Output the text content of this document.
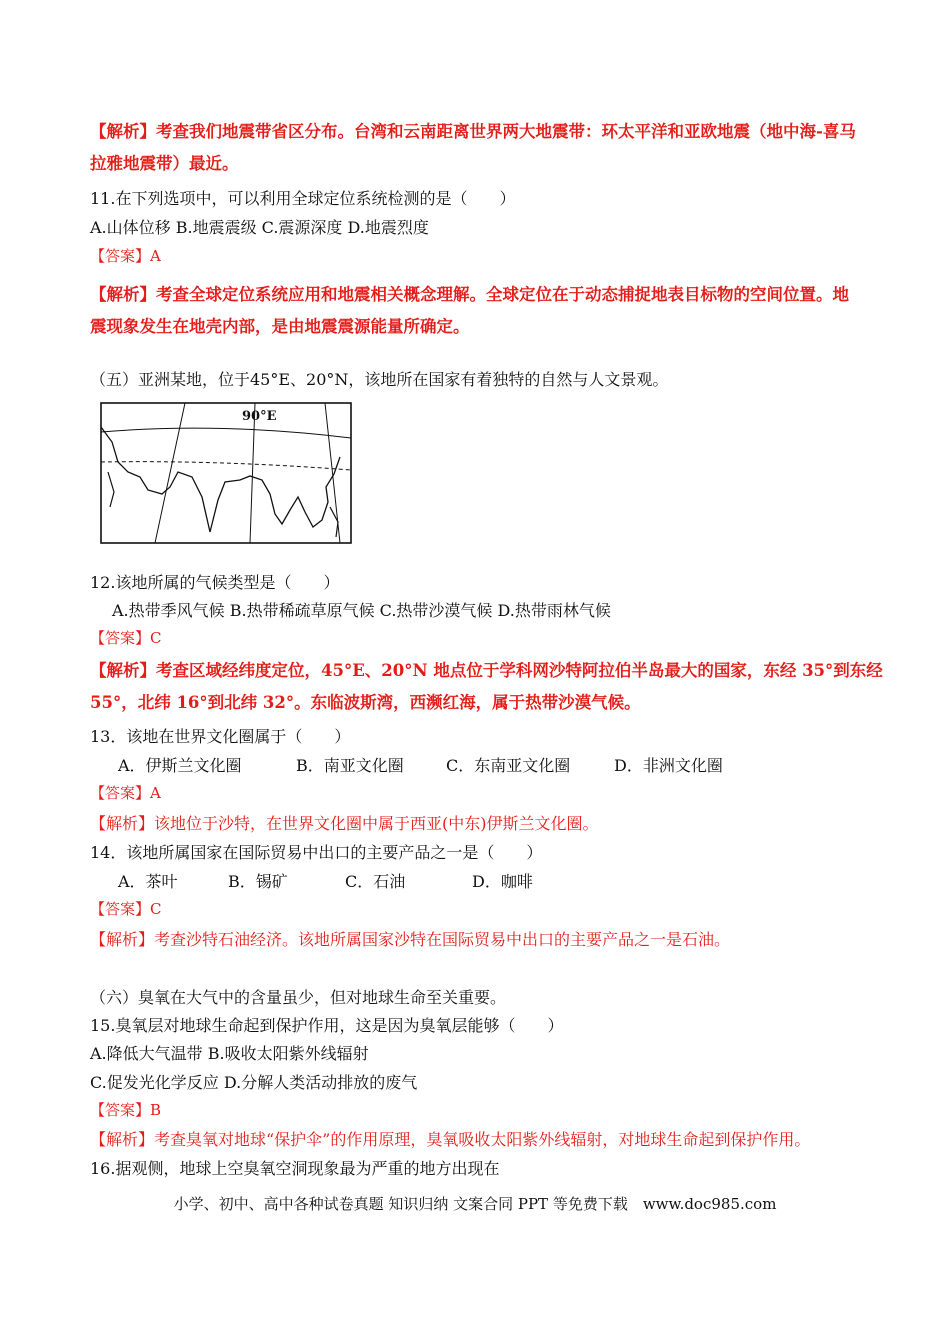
【解析】考查我们地震带省区分布。台湾和云南距离世界两大地震带：环太平洋和亚欧地震（地中海-喜马
拉雅地震带）最近。
11.在下列选项中，可以利用全球定位系统检测的是（　　）
A.山体位移 B.地震震级 C.震源深度 D.地震烈度
【答案】A
【解析】考查全球定位系统应用和地震相关概念理解。全球定位在于动态捕捉地表目标物的空间位置。地
震现象发生在地壳内部，是由地震震源能量所确定。
（五）亚洲某地，位于45°E、20°N，该地所在国家有着独特的自然与人文景观。
90°E
12.该地所属的气候类型是（　　）
A.热带季风气候 B.热带稀疏草原气候 C.热带沙漠气候 D.热带雨林气候
【答案】C
【解析】考查区域经纬度定位，45°E、20°N 地点位于学科网沙特阿拉伯半岛最大的国家，东经 35°到东经
55°，北纬 16°到北纬 32°。东临波斯湾，西濒红海，属于热带沙漠气候。
13．该地在世界文化圈属于（　　）
A．伊斯兰文化圈	B．南亚文化圈	C．东南亚文化圈	D．非洲文化圈
【答案】A
【解析】该地位于沙特，在世界文化圈中属于西亚(中东)伊斯兰文化圈。
14．该地所属国家在国际贸易中出口的主要产品之一是（　　）
A．茶叶	B．锡矿	C．石油	D．咖啡
【答案】C
【解析】考查沙特石油经济。该地所属国家沙特在国际贸易中出口的主要产品之一是石油。
（六）臭氧在大气中的含量虽少，但对地球生命至关重要。
15.臭氧层对地球生命起到保护作用，这是因为臭氧层能够（　　）
A.降低大气温带 B.吸收太阳紫外线辐射
C.促发光化学反应 D.分解人类活动排放的废气
【答案】B
【解析】考查臭氧对地球“保护伞”的作用原理，臭氧吸收太阳紫外线辐射，对地球生命起到保护作用。
16.据观侧，地球上空臭氧空洞现象最为严重的地方出现在
小学、初中、高中各种试卷真题 知识归纳 文案合同 PPT 等免费下载　www.doc985.com
